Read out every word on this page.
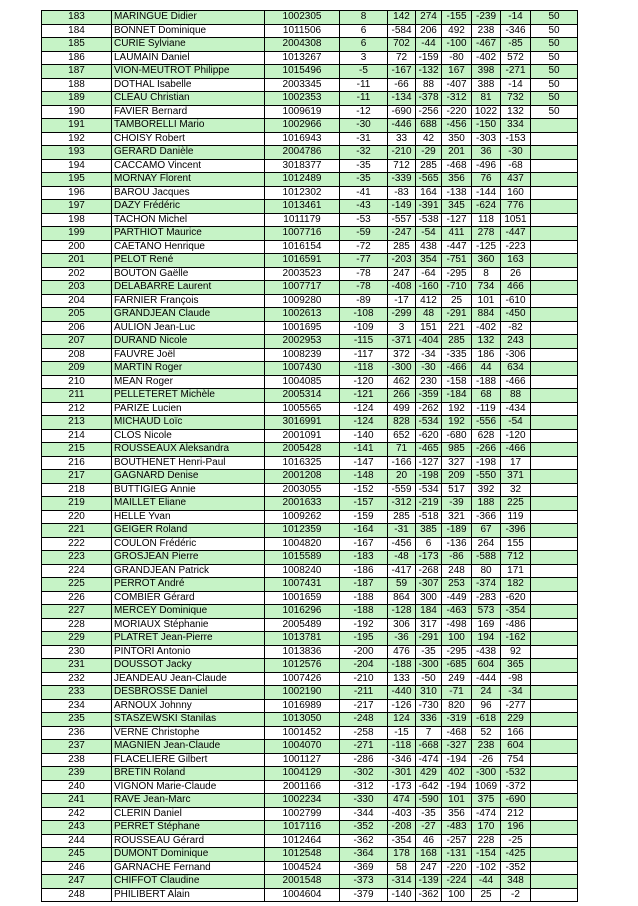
183	MARINGUE Didier	1002305	8	142	274	-155	-239	-14	50
184	BONNET Dominique	1011506	6	-584	206	492	238	-346	50
185	CURIE Sylviane	2004308	6	702	-44	-100	-467	-85	50
186	LAUMAIN Daniel	1013267	3	72	-159	-80	-402	572	50
187	VION-MEUTROT Philippe	1015496	-5	-167	-132	167	398	-271	50
188	DOTHAL Isabelle	2003345	-11	-66	88	-407	388	-14	50
189	CLEAU Christian	1002353	-11	-134	-378	-312	81	732	50
190	FAVIER Bernard	1009619	-12	-690	-256	-220	1022	132	50
191	TAMBORELLI Mario	1002966	-30	-446	688	-456	-150	334	
192	CHOISY Robert	1016943	-31	33	42	350	-303	-153	
193	GERARD Danièle	2004786	-32	-210	-29	201	36	-30	
194	CACCAMO Vincent	3018377	-35	712	285	-468	-496	-68	
195	MORNAY Florent	1012489	-35	-339	-565	356	76	437	
196	BAROU Jacques	1012302	-41	-83	164	-138	-144	160	
197	DAZY Frédéric	1013461	-43	-149	-391	345	-624	776	
198	TACHON Michel	1011179	-53	-557	-538	-127	118	1051	
199	PARTHIOT Maurice	1007716	-59	-247	-54	411	278	-447	
200	CAETANO Henrique	1016154	-72	285	438	-447	-125	-223	
201	PELOT René	1016591	-77	-203	354	-751	360	163	
202	BOUTON Gaëlle	2003523	-78	247	-64	-295	8	26	
203	DELABARRE Laurent	1007717	-78	-408	-160	-710	734	466	
204	FARNIER François	1009280	-89	-17	412	25	101	-610	
205	GRANDJEAN Claude	1002613	-108	-299	48	-291	884	-450	
206	AULION Jean-Luc	1001695	-109	3	151	221	-402	-82	
207	DURAND Nicole	2002953	-115	-371	-404	285	132	243	
208	FAUVRE Joël	1008239	-117	372	-34	-335	186	-306	
209	MARTIN Roger	1007430	-118	-300	-30	-466	44	634	
210	MEAN Roger	1004085	-120	462	230	-158	-188	-466	
211	PELLETERET Michèle	2005314	-121	266	-359	-184	68	88	
212	PARIZE Lucien	1005565	-124	499	-262	192	-119	-434	
213	MICHAUD Loïc	3016991	-124	828	-534	192	-556	-54	
214	CLOS Nicole	2001091	-140	652	-620	-680	628	-120	
215	ROUSSEAUX Aleksandra	2005428	-141	71	-465	985	-266	-466	
216	BOUTHENET Henri-Paul	1016325	-147	-166	-127	327	-198	17	
217	GAGNARD Denise	2001208	-148	20	-198	209	-550	371	
218	BUTTIGIEG Annie	2003055	-152	-559	-534	517	392	32	
219	MAILLET Eliane	2001633	-157	-312	-219	-39	188	225	
220	HELLE Yvan	1009262	-159	285	-518	321	-366	119	
221	GEIGER Roland	1012359	-164	-31	385	-189	67	-396	
222	COULON Frédéric	1004820	-167	-456	6	-136	264	155	
223	GROSJEAN Pierre	1015589	-183	-48	-173	-86	-588	712	
224	GRANDJEAN Patrick	1008240	-186	-417	-268	248	80	171	
225	PERROT André	1007431	-187	59	-307	253	-374	182	
226	COMBIER Gérard	1001659	-188	864	300	-449	-283	-620	
227	MERCEY Dominique	1016296	-188	-128	184	-463	573	-354	
228	MORIAUX Stéphanie	2005489	-192	306	317	-498	169	-486	
229	PLATRET Jean-Pierre	1013781	-195	-36	-291	100	194	-162	
230	PINTORI Antonio	1013836	-200	476	-35	-295	-438	92	
231	DOUSSOT Jacky	1012576	-204	-188	-300	-685	604	365	
232	JEANDEAU Jean-Claude	1007426	-210	133	-50	249	-444	-98	
233	DESBROSSE Daniel	1002190	-211	-440	310	-71	24	-34	
234	ARNOUX Johnny	1016989	-217	-126	-730	820	96	-277	
235	STASZEWSKI Stanilas	1013050	-248	124	336	-319	-618	229	
236	VERNE Christophe	1001452	-258	-15	7	-468	52	166	
237	MAGNIEN Jean-Claude	1004070	-271	-118	-668	-327	238	604	
238	FLACELIERE Gilbert	1001127	-286	-346	-474	-194	-26	754	
239	BRETIN Roland	1004129	-302	-301	429	402	-300	-532	
240	VIGNON Marie-Claude	2001166	-312	-173	-642	-194	1069	-372	
241	RAVE Jean-Marc	1002234	-330	474	-590	101	375	-690	
242	CLERIN Daniel	1002799	-344	-403	-35	356	-474	212	
243	PERRET Stéphane	1017116	-352	-208	-27	-483	170	196	
244	ROUSSEAU Gérard	1012464	-362	-354	46	-257	228	-25	
245	DUMONT Dominique	1012548	-364	178	168	-131	-154	-425	
246	GARNACHE Fernand	1004524	-369	58	247	-220	-102	-352	
247	CHIFFOT Claudine	2001548	-373	-314	-139	-224	-44	348	
248	PHILIBERT Alain	1004604	-379	-140	-362	100	25	-2	
